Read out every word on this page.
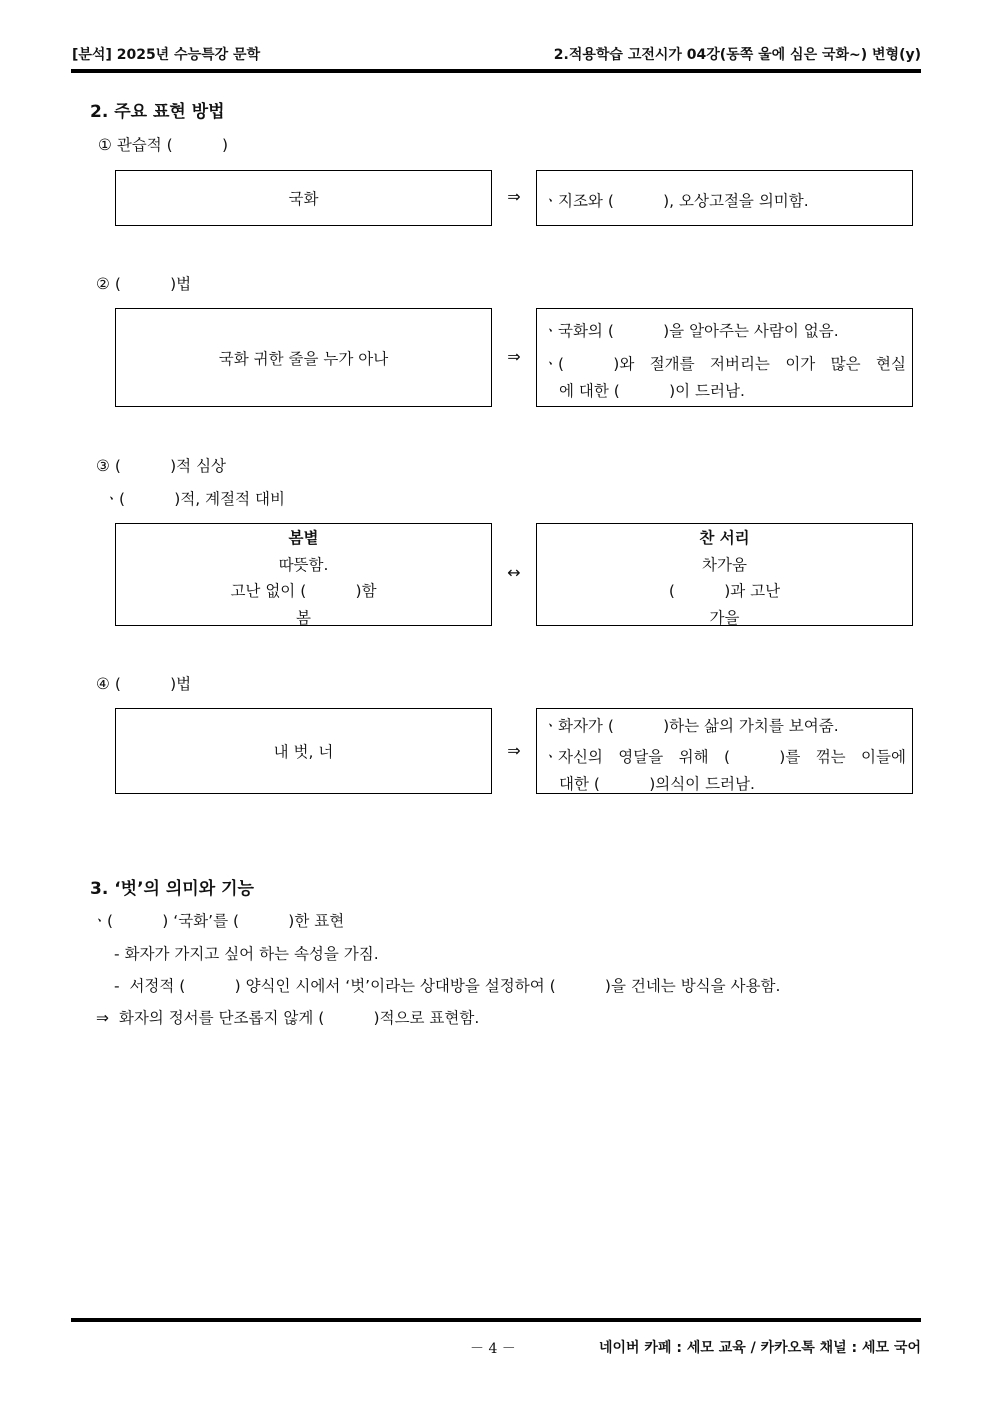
[분석] 2025년 수능특강 문학	2.적용학습 고전시가 04강(동쪽 울에 심은 국화~) 변형(y)
2. 주요 표현 방법
① 관습적 (          )
국화	⇒	ㆍ지조와 (          ), 오상고절을 의미함.
② (          )법
국화 귀한 줄을 누가 아나	⇒
ㆍ국화의 (          )을 알아주는 사람이 없음.
ㆍ(          )와 절개를 저버리는 이가 많은 현실
에 대한 (          )이 드러남.
③ (          )적 심상
ㆍ(          )적, 계절적 대비
봄볕
따뜻함.
고난 없이 (          )함
봄
↔
찬 서리
차가움
(          )과 고난
가을
④ (          )법
내 벗, 너	⇒
ㆍ화자가 (          )하는 삶의 가치를 보여줌.
ㆍ자신의 영달을 위해 (          )를 꺾는 이들에
대한 (          )의식이 드러남.
3. ‘벗’의 의미와 기능
ㆍ(          ) ‘국화’를 (          )한 표현
- 화자가 가지고 싶어 하는 속성을 가짐.
-  서정적 (          ) 양식인 시에서 ‘벗’이라는 상대방을 설정하여 (          )을 건네는 방식을 사용함.
⇒  화자의 정서를 단조롭지 않게 (          )적으로 표현함.
－ 4 －	네이버 카페 : 세모 교육 / 카카오톡 채널 : 세모 국어
